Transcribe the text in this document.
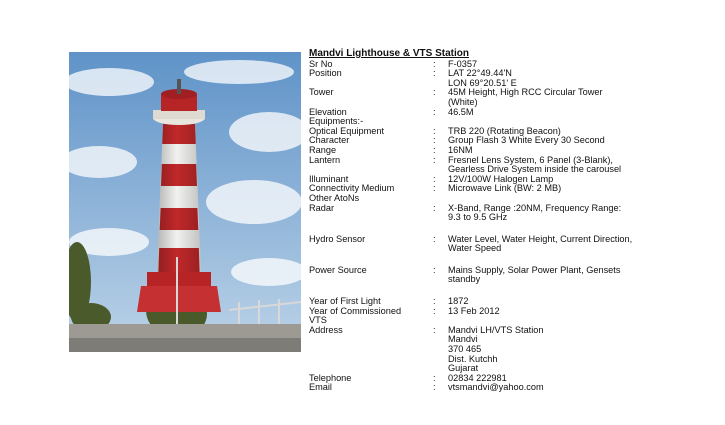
Mandvi Lighthouse & VTS Station
Sr No	:	F-0357
Position	:	LAT 22°49.44'N
LON 69°20.51' E
Tower	:	45M Height, High RCC Circular Tower
(White)
Elevation	:	46.5M
Equipments:-
Optical Equipment	:	TRB 220 (Rotating Beacon)
Character	:	Group Flash 3 White Every 30 Second
Range	:	16NM
Lantern	:	Fresnel Lens System, 6 Panel (3-Blank),
Gearless Drive System inside the carousel
Illuminant	:	12V/100W Halogen Lamp
Connectivity Medium	:	Microwave Link (BW: 2 MB)
Other AtoNs
Radar	:	X-Band, Range :20NM, Frequency Range:
9.3 to 9.5 GHz
Hydro Sensor	:	Water Level, Water Height, Current Direction,
Water Speed
Power Source	:	Mains Supply, Solar Power Plant, Gensets
standby
Year of First Light	:	1872
Year of Commissioned	:	13 Feb 2012
VTS
Address	:	Mandvi LH/VTS Station
Mandvi
370 465
Dist. Kutchh
Gujarat
Telephone	:	02834 222981
Email	:	vtsmandvi@yahoo.com
